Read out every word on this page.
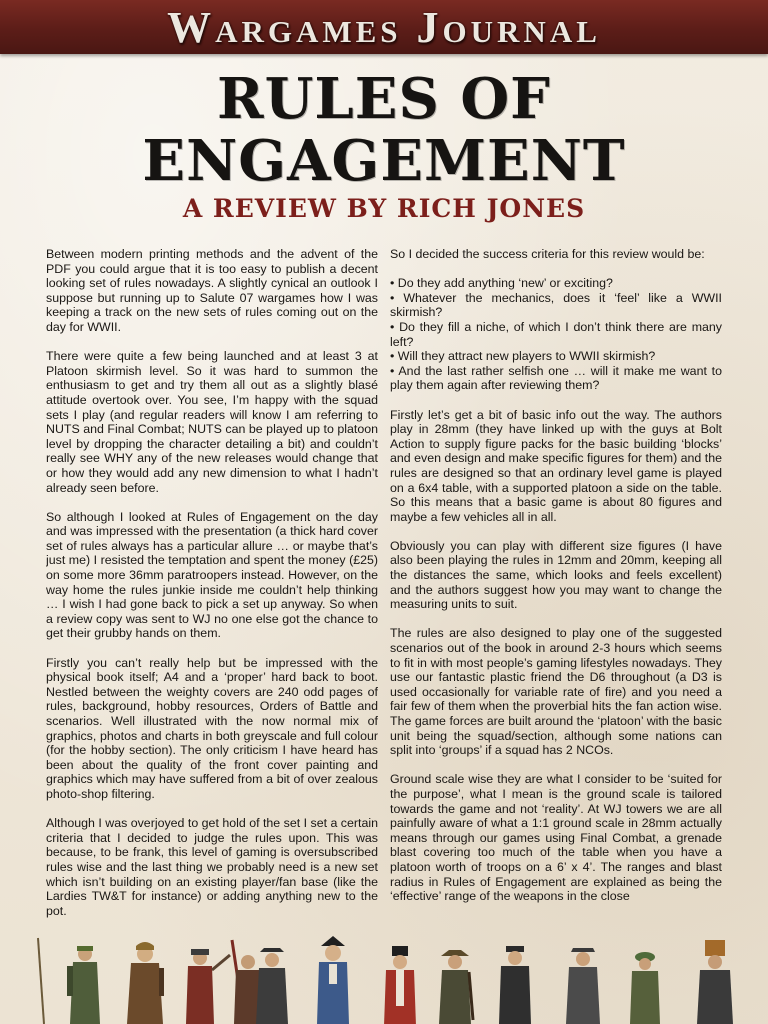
Wargames Journal
RULES OF
ENGAGEMENT
A REVIEW BY RICH JONES

Between modern printing methods and the advent of the PDF you could argue that it is too easy to publish a decent looking set of rules nowadays. A slightly cynical an outlook I suppose but running up to Salute 07 wargames how I was keeping a track on the new sets of rules coming out on the day for WWII.

There were quite a few being launched and at least 3 at Platoon skirmish level. So it was hard to summon the enthusiasm to get and try them all out as a slightly blasé attitude overtook over. You see, I’m happy with the squad sets I play (and regular readers will know I am referring to NUTS and Final Combat; NUTS can be played up to platoon level by dropping the character detailing a bit) and couldn’t really see WHY any of the new releases would change that or how they would add any new dimension to what I hadn’t already seen before.

So although I looked at Rules of Engagement on the day and was impressed with the presentation (a thick hard cover set of rules always has a particular allure … or maybe that’s just me) I resisted the temptation and spent the money (£25) on some more 36mm paratroopers instead. However, on the way home the rules junkie inside me couldn’t help thinking … I wish I had gone back to pick a set up anyway. So when a review copy was sent to WJ no one else got the chance to get their grubby hands on them.

Firstly you can’t really help but be impressed with the physical book itself; A4 and a ‘proper’ hard back to boot. Nestled between the weighty covers are 240 odd pages of rules, background, hobby resources, Orders of Battle and scenarios. Well illustrated with the now normal mix of graphics, photos and charts in both greyscale and full colour (for the hobby section). The only criticism I have heard has been about the quality of the front cover painting and graphics which may have suffered from a bit of over zealous photo-shop filtering.

Although I was overjoyed to get hold of the set I set a certain criteria that I decided to judge the rules upon. This was because, to be frank, this level of gaming is oversubscribed rules wise and the last thing we probably need is a new set which isn’t building on an existing player/fan base (like the Lardies TW&T for instance) or adding anything new to the pot.

So I decided the success criteria for this review would be:

• Do they add anything ‘new’ or exciting?
• Whatever the mechanics, does it ‘feel’ like a WWII skirmish?
• Do they fill a niche, of which I don’t think there are many left?
• Will they attract new players to WWII skirmish?
• And the last rather selfish one … will it make me want to play them again after reviewing them?

Firstly let’s get a bit of basic info out the way. The authors play in 28mm (they have linked up with the guys at Bolt Action to supply figure packs for the basic building ‘blocks’ and even design and make specific figures for them) and the rules are designed so that an ordinary level game is played on a 6x4 table, with a supported platoon a side on the table. So this means that a basic game is about 80 figures and maybe a few vehicles all in all.

Obviously you can play with different size figures (I have also been playing the rules in 12mm and 20mm, keeping all the distances the same, which looks and feels excellent) and the authors suggest how you may want to change the measuring units to suit.

The rules are also designed to play one of the suggested scenarios out of the book in around 2-3 hours which seems to fit in with most people’s gaming lifestyles nowadays. They use our fantastic plastic friend the D6 throughout (a D3 is used occasionally for variable rate of fire) and you need a fair few of them when the proverbial hits the fan action wise. The game forces are built around the ‘platoon’ with the basic unit being the squad/section, although some nations can split into ‘groups’ if a squad has 2 NCOs.

Ground scale wise they are what I consider to be ‘suited for the purpose’, what I mean is the ground scale is tailored towards the game and not ‘reality’. At WJ towers we are all painfully aware of what a 1:1 ground scale in 28mm actually means through our games using Final Combat, a grenade blast covering too much of the table when you have a platoon worth of troops on a 6’ x 4’. The ranges and blast radius in Rules of Engagement are explained as being the ‘effective’ range of the weapons in the close
